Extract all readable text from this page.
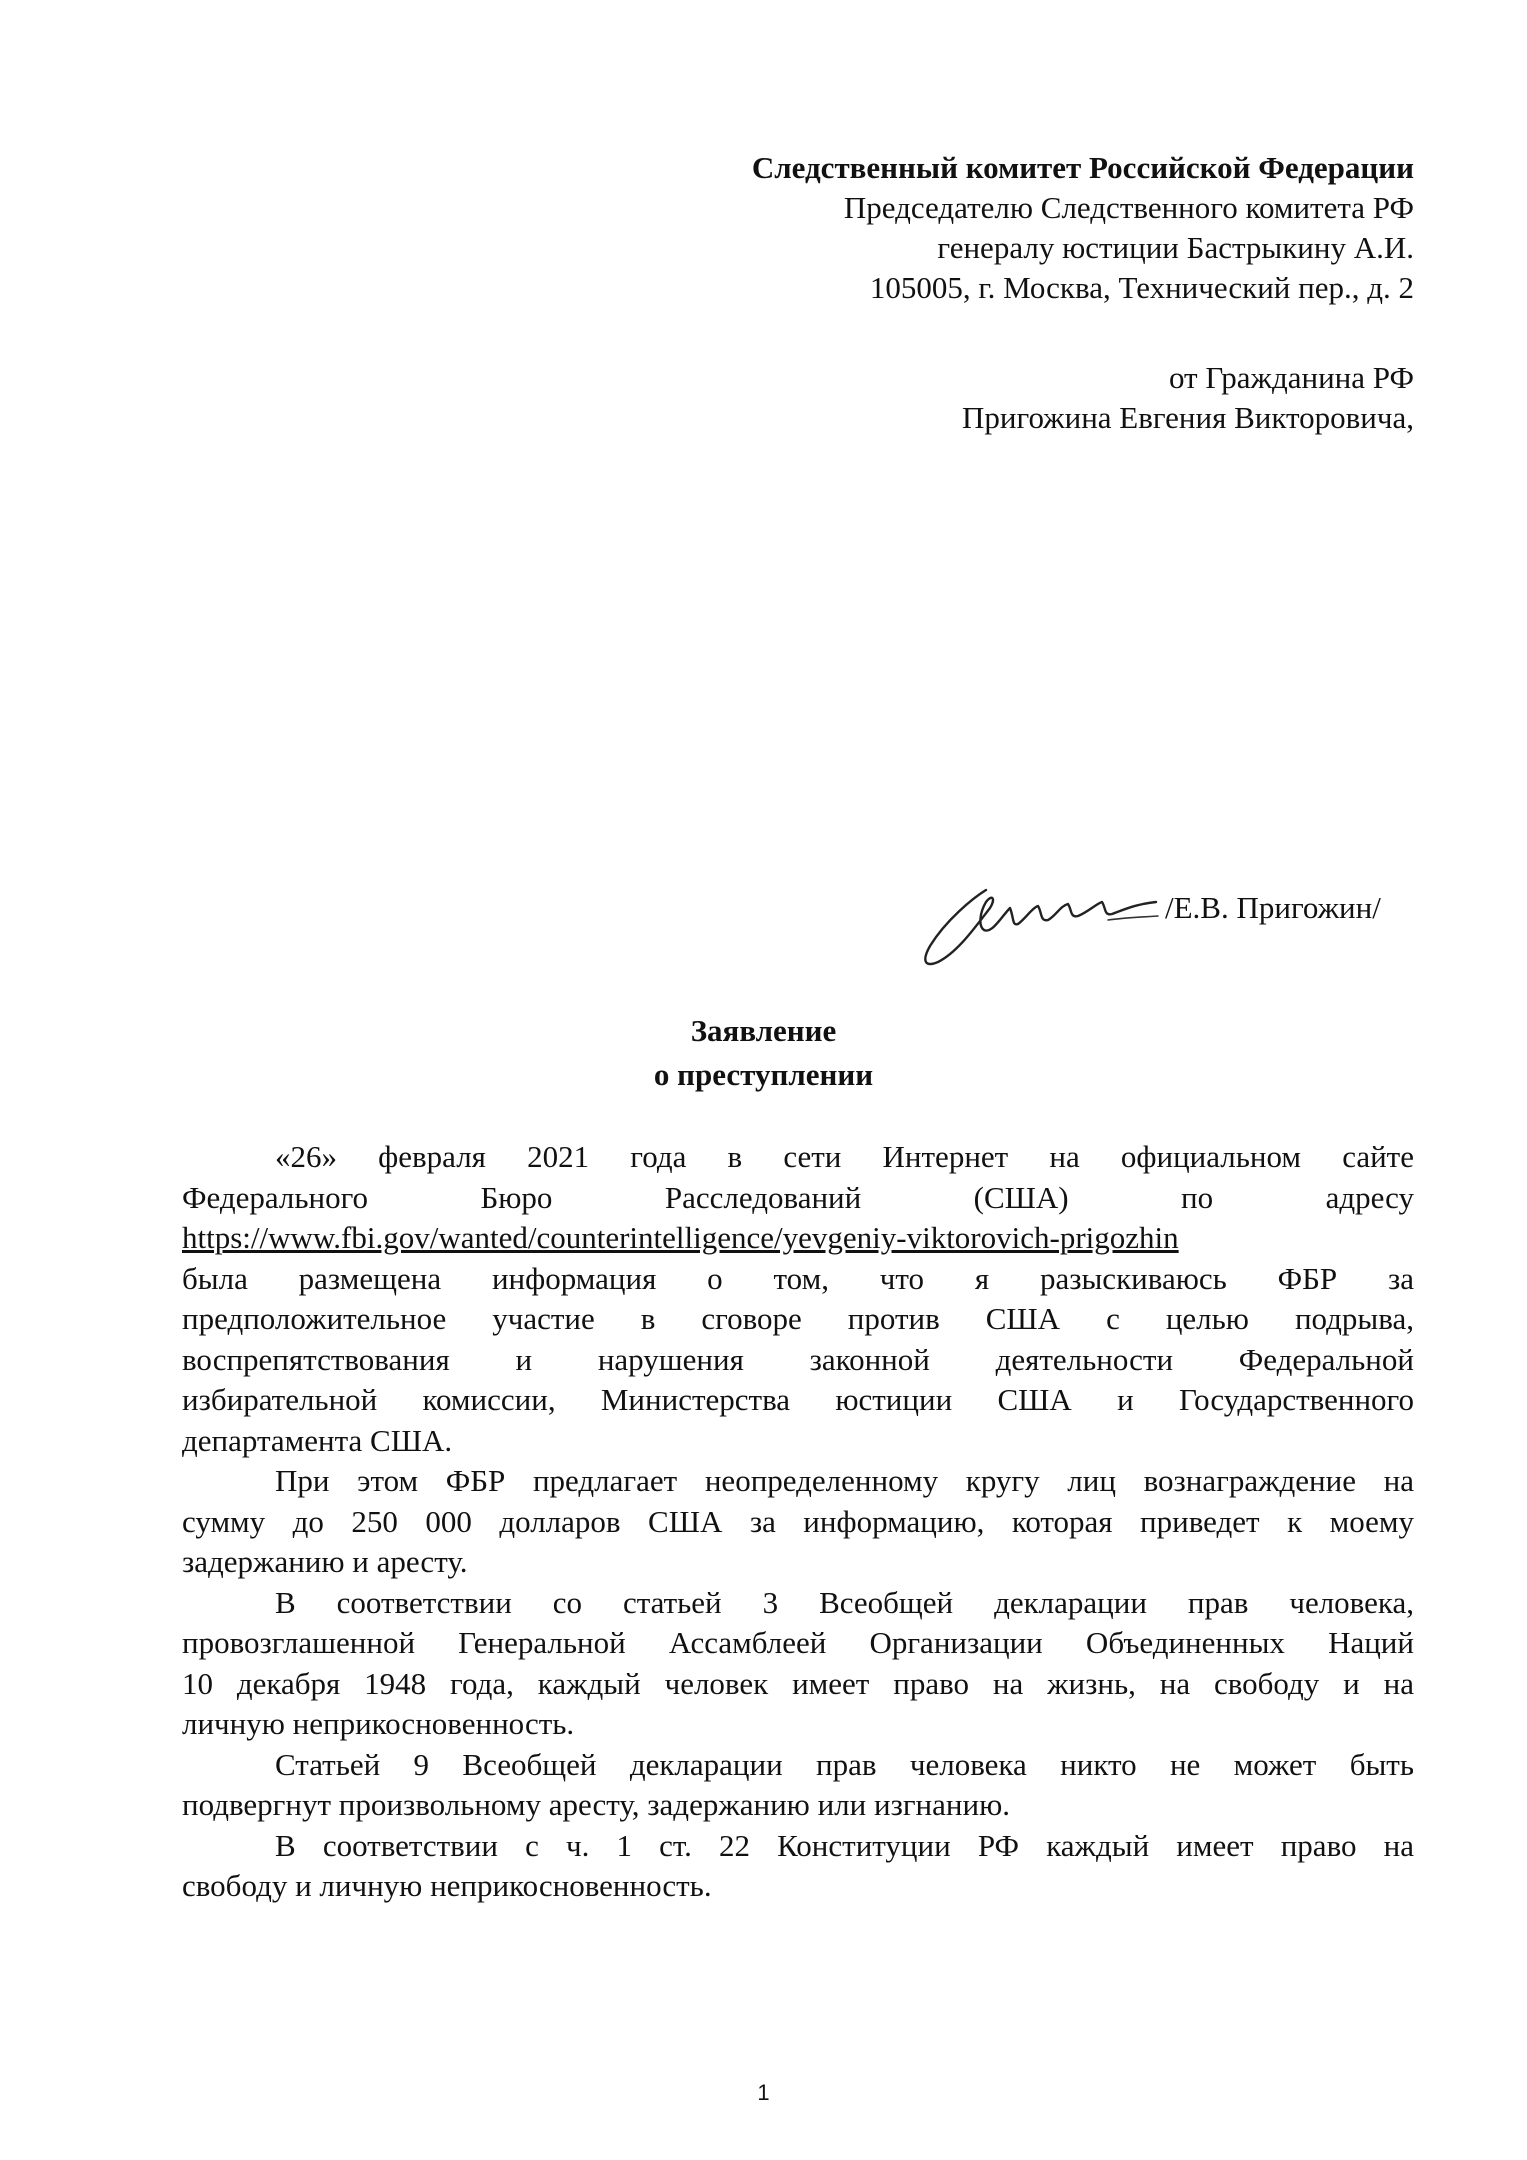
Следственный комитет Российской Федерации
Председателю Следственного комитета РФ
генералу юстиции Бастрыкину А.И.
105005, г. Москва, Технический пер., д. 2
от Гражданина РФ
Пригожина Евгения Викторовича,
/Е.В. Пригожин/
Заявление
о преступлении
«26» февраля 2021 года в сети Интернет на официальном сайте
Федерального Бюро Расследований (США) по адресу
https://www.fbi.gov/wanted/counterintelligence/yevgeniy-viktorovich-prigozhin
была размещена информация о том, что я разыскиваюсь ФБР за
предположительное участие в сговоре против США с целью подрыва,
воспрепятствования и нарушения законной деятельности Федеральной
избирательной комиссии, Министерства юстиции США и Государственного
департамента США.
При этом ФБР предлагает неопределенному кругу лиц вознаграждение на
сумму до 250 000 долларов США за информацию, которая приведет к моему
задержанию и аресту.
В соответствии со статьей 3 Всеобщей декларации прав человека,
провозглашенной Генеральной Ассамблеей Организации Объединенных Наций
10 декабря 1948 года, каждый человек имеет право на жизнь, на свободу и на
личную неприкосновенность.
Статьей 9 Всеобщей декларации прав человека никто не может быть
подвергнут произвольному аресту, задержанию или изгнанию.
В соответствии с ч. 1 ст. 22 Конституции РФ каждый имеет право на
свободу и личную неприкосновенность.
1
